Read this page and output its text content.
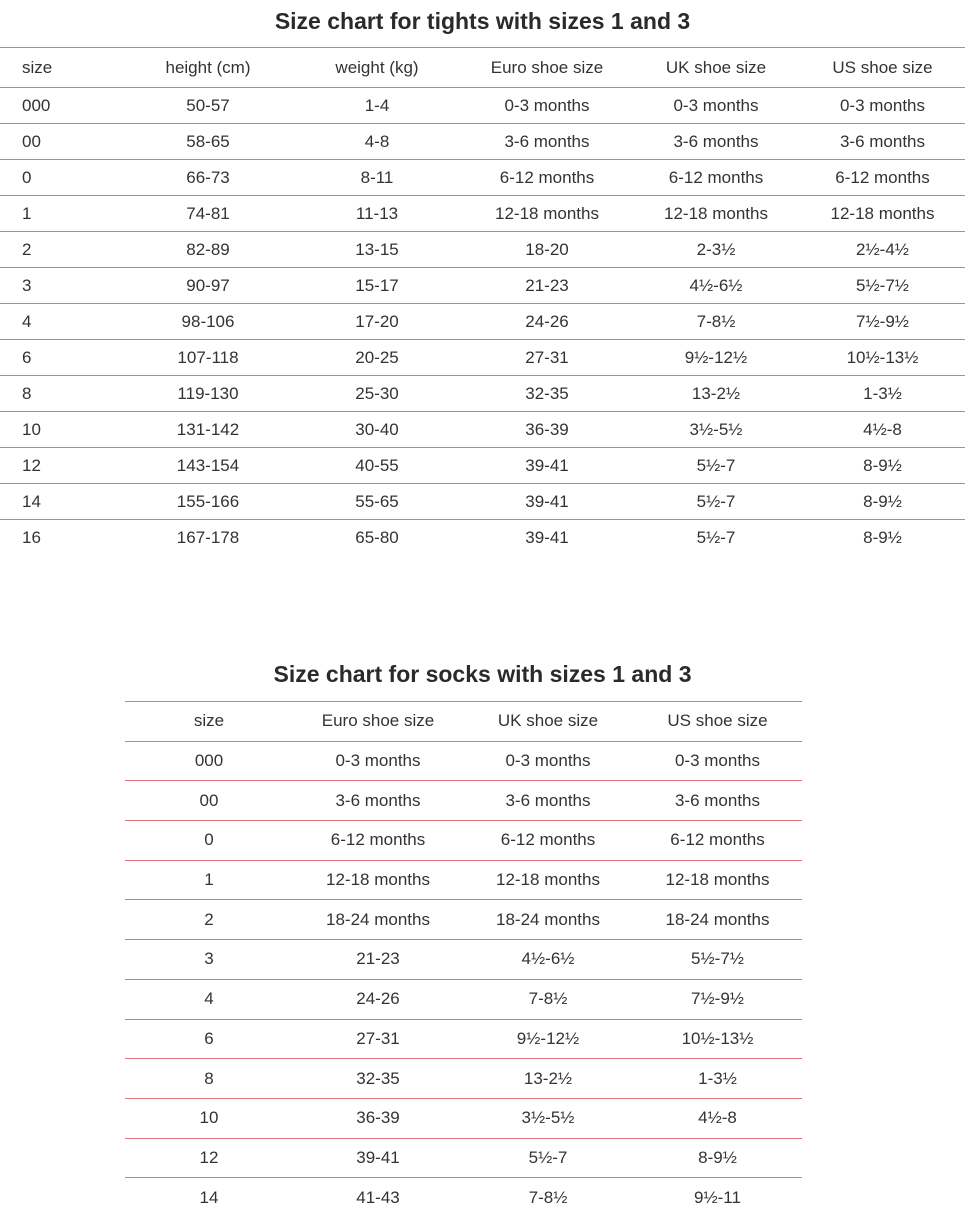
Size chart for tights with sizes 1 and 3
size	height (cm)	weight (kg)	Euro shoe size	UK shoe size	US shoe size
000	50-57	1-4	0-3 months	0-3 months	0-3 months
00	58-65	4-8	3-6 months	3-6 months	3-6 months
0	66-73	8-11	6-12 months	6-12 months	6-12 months
1	74-81	11-13	12-18 months	12-18 months	12-18 months
2	82-89	13-15	18-20	2-3½	2½-4½
3	90-97	15-17	21-23	4½-6½	5½-7½
4	98-106	17-20	24-26	7-8½	7½-9½
6	107-118	20-25	27-31	9½-12½	10½-13½
8	119-130	25-30	32-35	13-2½	1-3½
10	131-142	30-40	36-39	3½-5½	4½-8
12	143-154	40-55	39-41	5½-7	8-9½
14	155-166	55-65	39-41	5½-7	8-9½
16	167-178	65-80	39-41	5½-7	8-9½
Size chart for socks with sizes 1 and 3
size	Euro shoe size	UK shoe size	US shoe size
000	0-3 months	0-3 months	0-3 months
00	3-6 months	3-6 months	3-6 months
0	6-12 months	6-12 months	6-12 months
1	12-18 months	12-18 months	12-18 months
2	18-24 months	18-24 months	18-24 months
3	21-23	4½-6½	5½-7½
4	24-26	7-8½	7½-9½
6	27-31	9½-12½	10½-13½
8	32-35	13-2½	1-3½
10	36-39	3½-5½	4½-8
12	39-41	5½-7	8-9½
14	41-43	7-8½	9½-11
